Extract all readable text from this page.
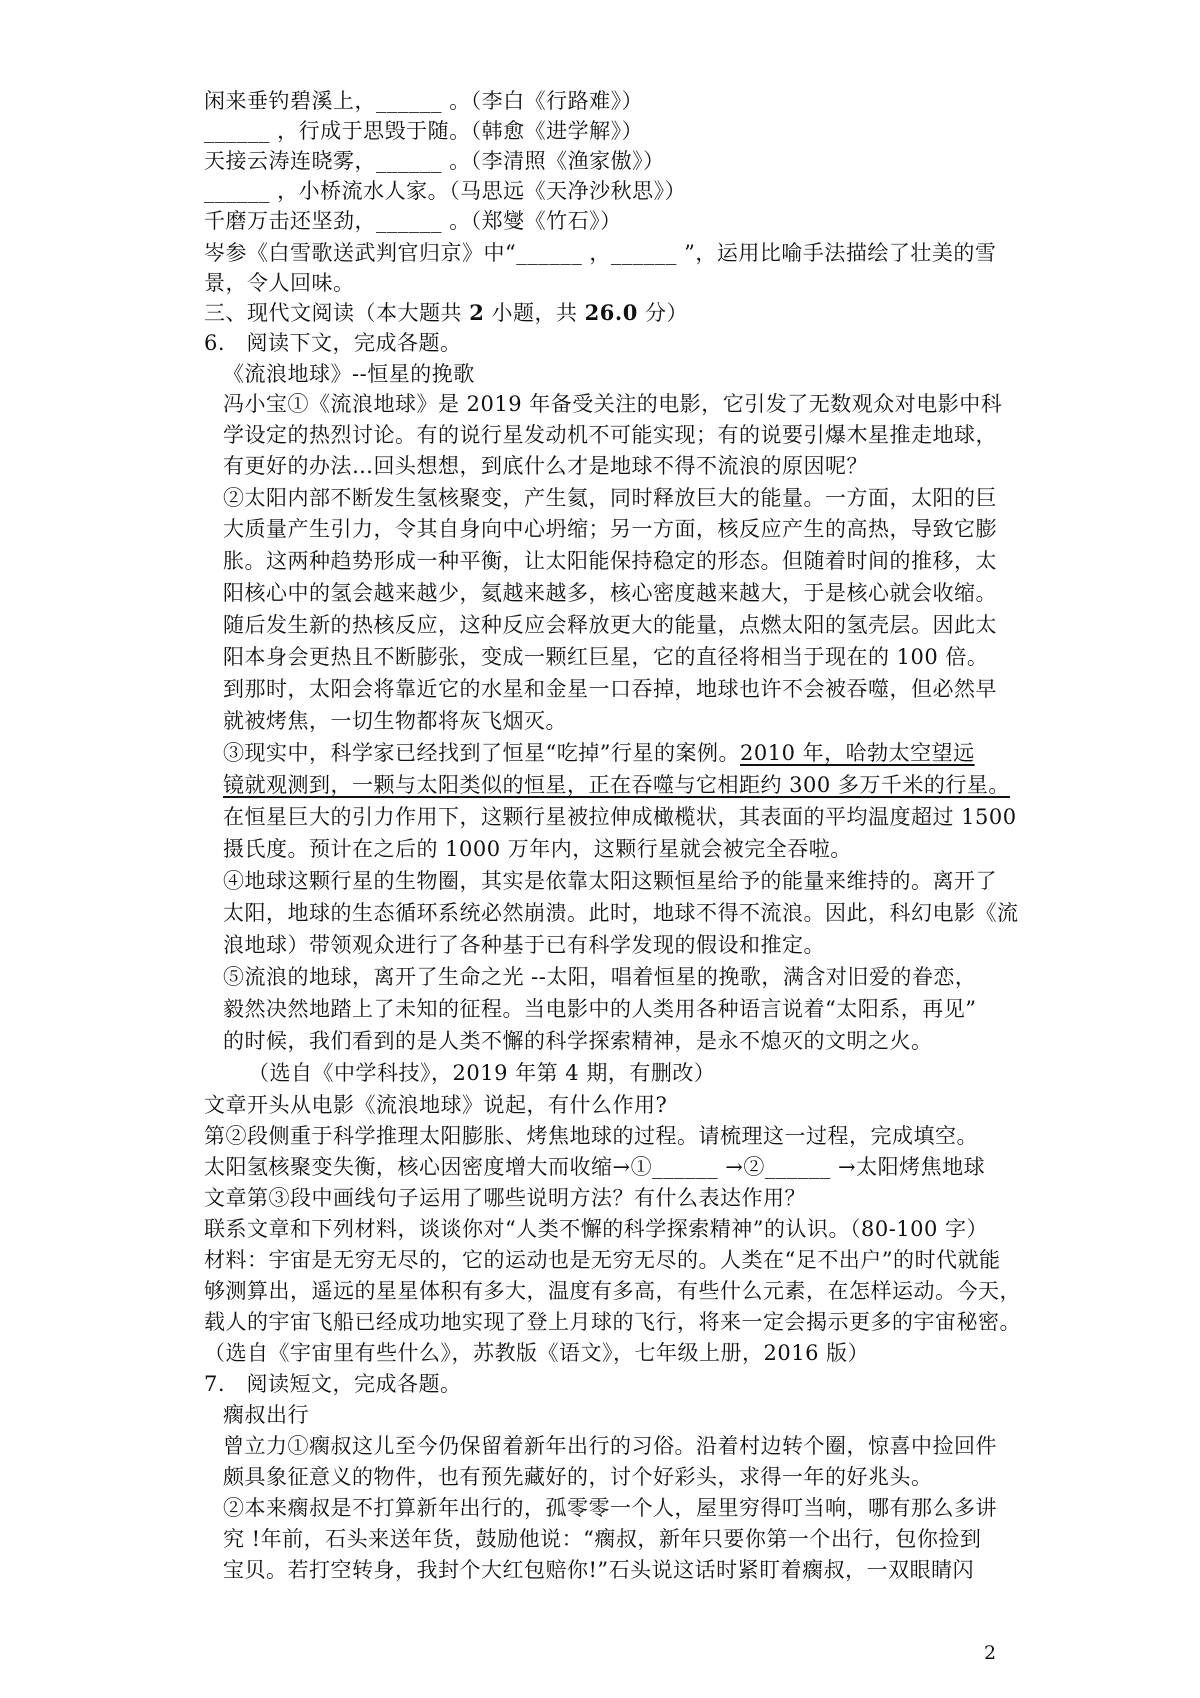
闲来垂钓碧溪上，______ 。（李白《行路难》）
______ ，行成于思毁于随。（韩愈《进学解》）
天接云涛连晓雾，______ 。（李清照《渔家傲》）
______ ，小桥流水人家。（马思远《天净沙秋思》）
千磨万击还坚劲，______ 。（郑燮《竹石》）
岑参《白雪歌送武判官归京》中“______ ，______ ”，运用比喻手法描绘了壮美的雪
景，令人回味。
三、现代文阅读（本大题共 2 小题，共 26.0 分）
6.　阅读下文，完成各题。
《流浪地球》--恒星的挽歌
冯小宝①《流浪地球》是 2019 年备受关注的电影，它引发了无数观众对电影中科
学设定的热烈讨论。有的说行星发动机不可能实现；有的说要引爆木星推走地球，
有更好的办法…回头想想，到底什么才是地球不得不流浪的原因呢？
②太阳内部不断发生氢核聚变，产生氦，同时释放巨大的能量。一方面，太阳的巨
大质量产生引力，令其自身向中心坍缩；另一方面，核反应产生的高热，导致它膨
胀。这两种趋势形成一种平衡，让太阳能保持稳定的形态。但随着时间的推移，太
阳核心中的氢会越来越少，氦越来越多，核心密度越来越大，于是核心就会收缩。
随后发生新的热核反应，这种反应会释放更大的能量，点燃太阳的氢壳层。因此太
阳本身会更热且不断膨张，变成一颗红巨星，它的直径将相当于现在的 100 倍。
到那时，太阳会将靠近它的水星和金星一口吞掉，地球也许不会被吞噬，但必然早
就被烤焦，一切生物都将灰飞烟灭。
③现实中，科学家已经找到了恒星“吃掉”行星的案例。2010 年，哈勃太空望远
镜就观测到，一颗与太阳类似的恒星，正在吞噬与它相距约 300 多万千米的行星。
在恒星巨大的引力作用下，这颗行星被拉伸成橄榄状，其表面的平均温度超过 1500
摄氏度。预计在之后的 1000 万年内，这颗行星就会被完全吞啦。
④地球这颗行星的生物圈，其实是依靠太阳这颗恒星给予的能量来维持的。离开了
太阳，地球的生态循环系统必然崩溃。此时，地球不得不流浪。因此，科幻电影《流
浪地球）带领观众进行了各种基于已有科学发现的假设和推定。
⑤流浪的地球，离开了生命之光 --太阳，唱着恒星的挽歌，满含对旧爱的眷恋，
毅然决然地踏上了未知的征程。当电影中的人类用各种语言说着“太阳系，再见”
的时候，我们看到的是人类不懈的科学探索精神，是永不熄灭的文明之火。
（选自《中学科技》，2019 年第 4 期，有删改）
文章开头从电影《流浪地球》说起，有什么作用?
第②段侧重于科学推理太阳膨胀、烤焦地球的过程。请梳理这一过程，完成填空。
太阳氢核聚变失衡，核心因密度增大而收缩→①______ →②______ →太阳烤焦地球
文章第③段中画线句子运用了哪些说明方法？有什么表达作用？
联系文章和下列材料，谈谈你对“人类不懈的科学探索精神”的认识。（80-100 字）
材料：宇宙是无穷无尽的，它的运动也是无穷无尽的。人类在“足不出户”的时代就能
够测算出，遥远的星星体积有多大，温度有多高，有些什么元素，在怎样运动。今天，
载人的宇宙飞船已经成功地实现了登上月球的飞行，将来一定会揭示更多的宇宙秘密。
（选自《宇宙里有些什么》，苏教版《语文》，七年级上册，2016 版）
7.　阅读短文，完成各题。
瘸叔出行
曾立力①瘸叔这儿至今仍保留着新年出行的习俗。沿着村边转个圈，惊喜中捡回件
颇具象征意义的物件，也有预先藏好的，讨个好彩头，求得一年的好兆头。
②本来瘸叔是不打算新年出行的，孤零零一个人，屋里穷得叮当响，哪有那么多讲
究 !年前，石头来送年货，鼓励他说：“瘸叔，新年只要你第一个出行，包你捡到
宝贝。若打空转身，我封个大红包赔你!”石头说这话时紧盯着瘸叔，一双眼睛闪
2
